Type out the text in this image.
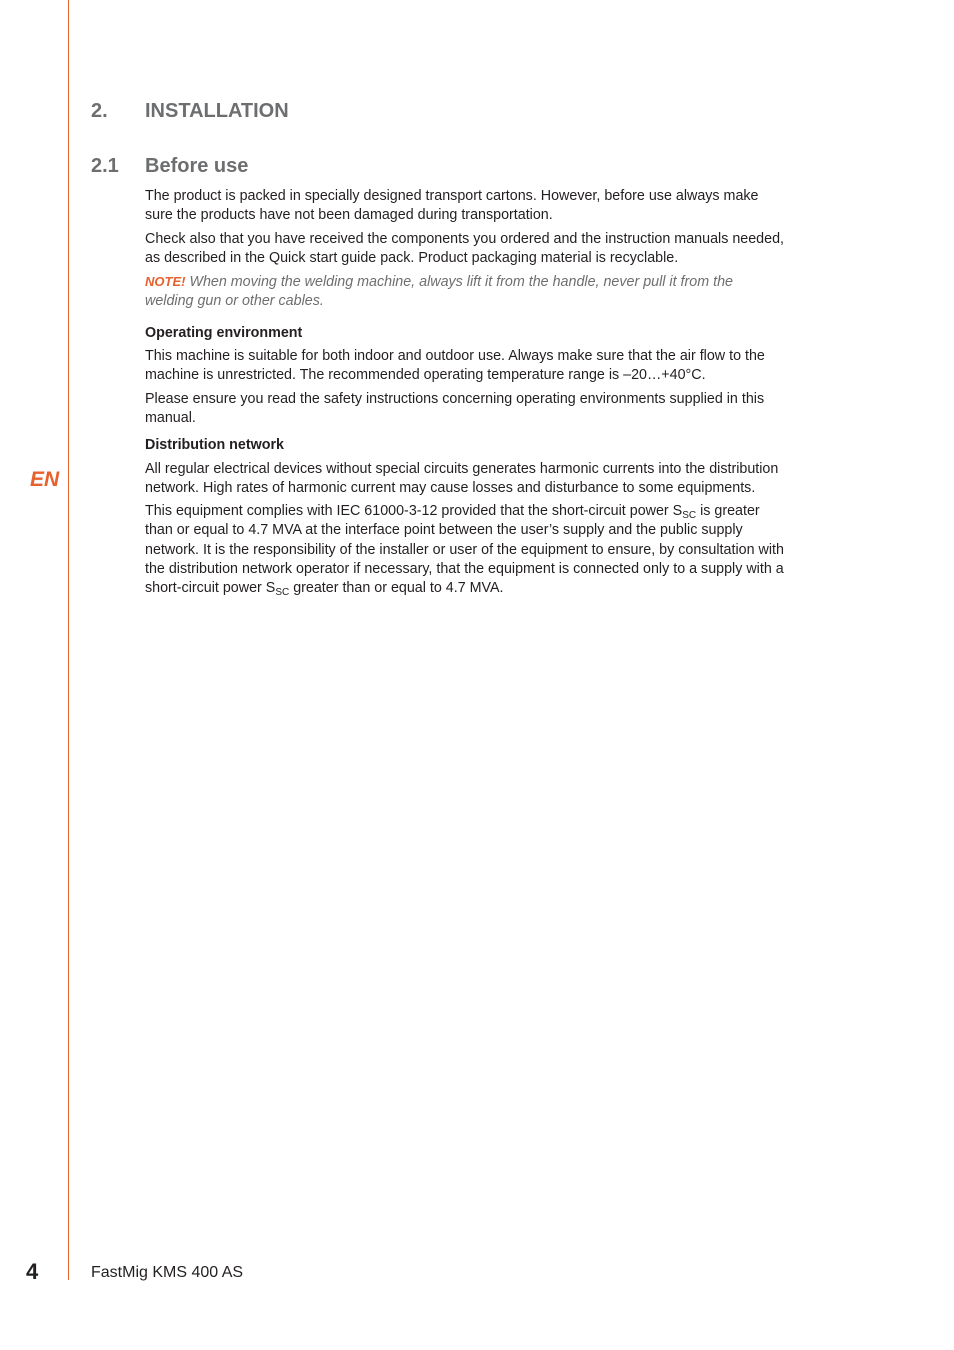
EN
2. INSTALLATION
2.1 Before use

The product is packed in specially designed transport cartons. However, before use always make sure the products have not been damaged during transportation.

Check also that you have received the components you ordered and the instruction manuals needed, as described in the Quick start guide pack. Product packaging material is recyclable.

NOTE! When moving the welding machine, always lift it from the handle, never pull it from the welding gun or other cables.

Operating environment

This machine is suitable for both indoor and outdoor use. Always make sure that the air flow to the machine is unrestricted. The recommended operating temperature range is –20…+40°C.

Please ensure you read the safety instructions concerning operating environments supplied in this manual.

Distribution network

All regular electrical devices without special circuits generates harmonic currents into the distribution network. High rates of harmonic current may cause losses and disturbance to some equipments.

This equipment complies with IEC 61000-3-12 provided that the short-circuit power $S_{SC}$ is greater than or equal to 4.7 MVA at the interface point between the user’s supply and the public supply network. It is the responsibility of the installer or user of the equipment to ensure, by consultation with the distribution network operator if necessary, that the equipment is connected only to a supply with a short-circuit power $S_{SC}$ greater than or equal to 4.7 MVA.

4	FastMig KMS 400 AS
